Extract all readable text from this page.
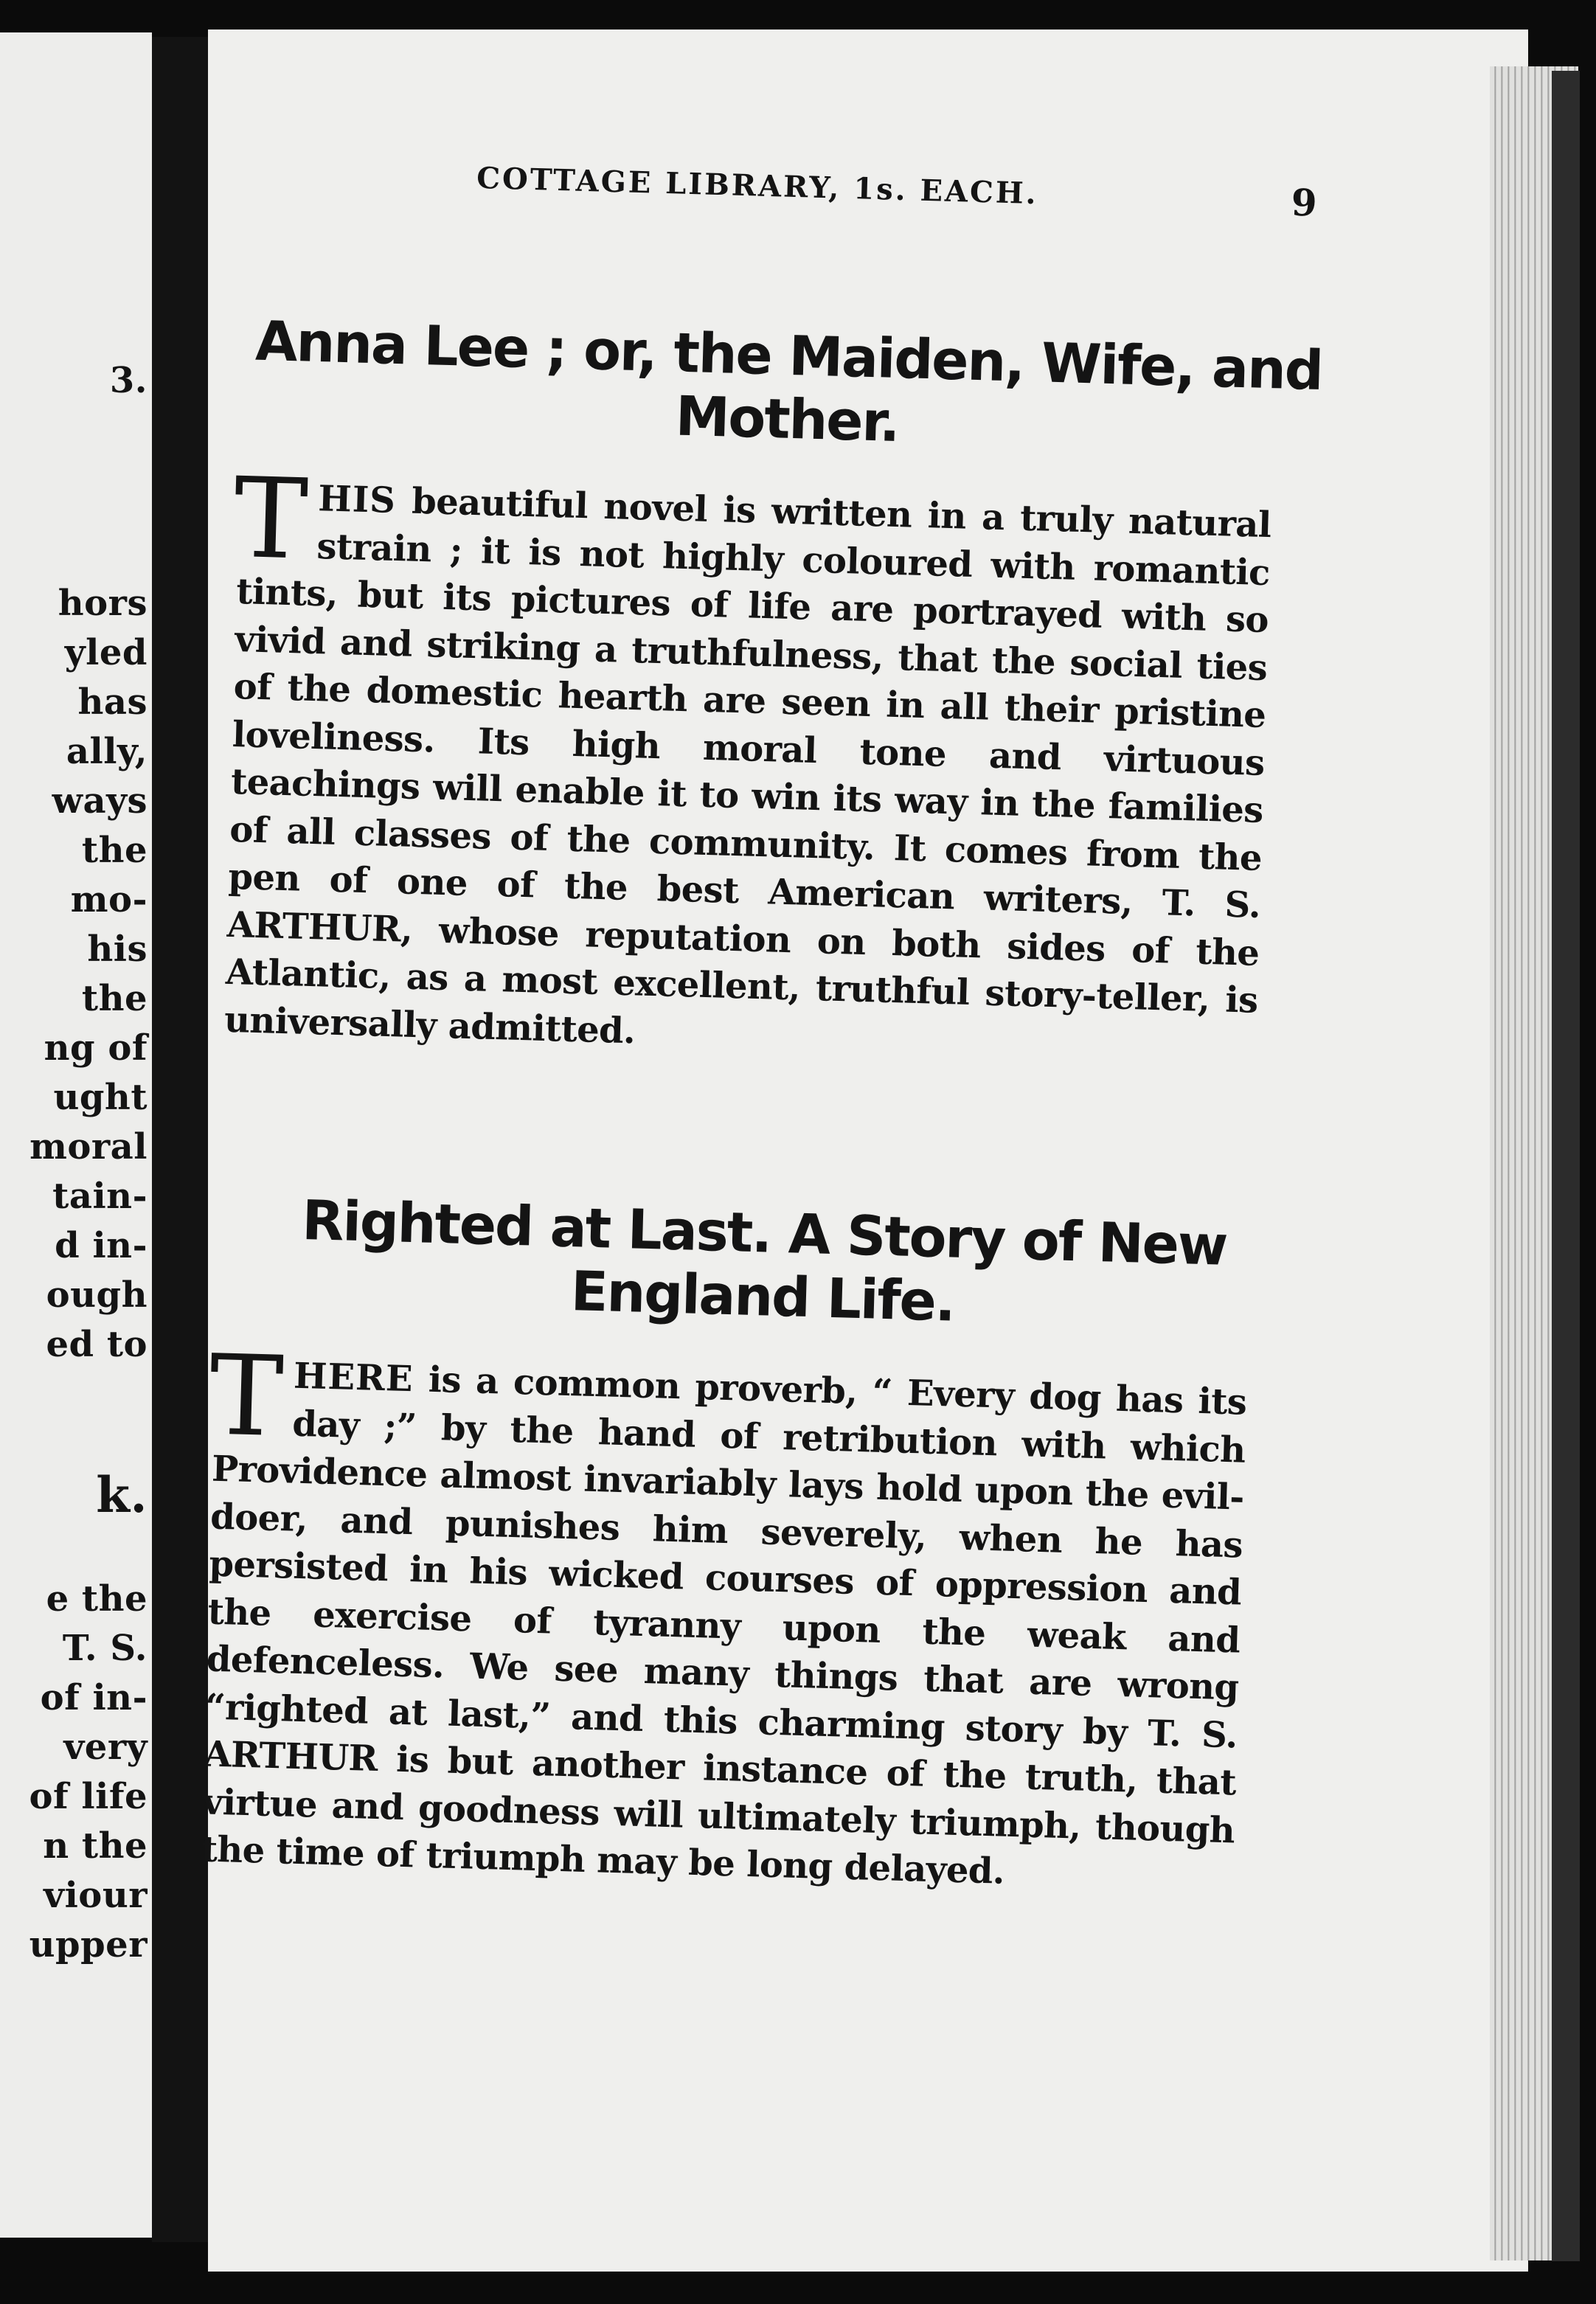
3.
hors
yled
has
ally,
ways
the
mo-
his
the
ng of
ught
moral
tain-
d in-
ough
ed to
k.
e the
T. S.
of in-
very
of life
n the
viour
upper
COTTAGE LIBRARY, 1s. EACH.	9
Anna Lee ; or, the Maiden, Wife, and
Mother.

THIS beautiful novel is written in a truly natural strain ; it is not highly coloured with romantic tints, but its pictures of life are portrayed with so vivid and striking a truthfulness, that the social ties of the domestic hearth are seen in all their pristine loveliness. Its high moral tone and virtuous teachings will enable it to win its way in the families of all classes of the community. It comes from the pen of one of the best American writers, T. S. ARTHUR, whose reputation on both sides of the Atlantic, as a most excellent, truthful story-teller, is universally admitted.

Righted at Last. A Story of New
England Life.

THERE is a common proverb, “ Every dog has its day ;” by the hand of retribution with which Providence almost invariably lays hold upon the evil-doer, and punishes him severely, when he has persisted in his wicked courses of oppression and the exercise of tyranny upon the weak and defenceless. We see many things that are wrong “righted at last,” and this charming story by T. S. ARTHUR is but another instance of the truth, that virtue and goodness will ultimately triumph, though the time of triumph may be long delayed.
